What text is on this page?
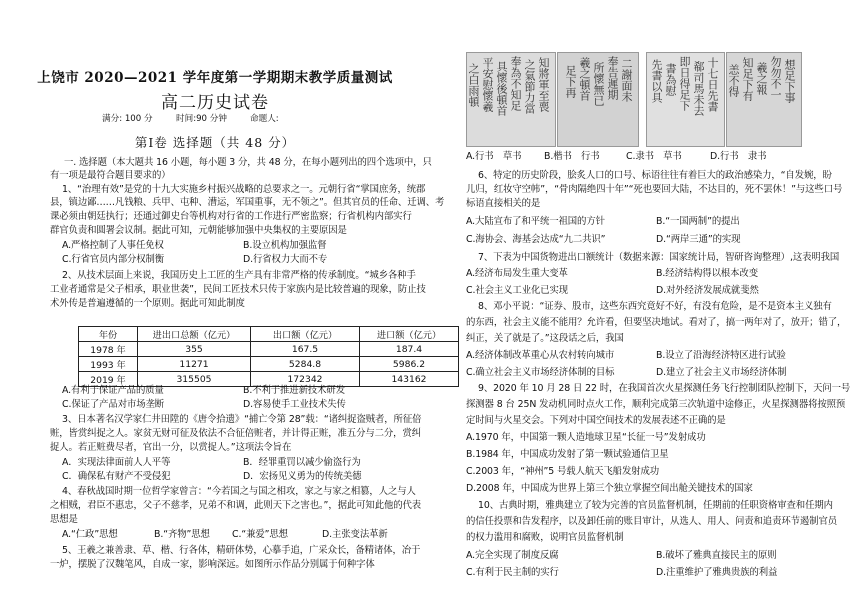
上饶市 2020—2021 学年度第一学期期末教学质量测试
高二历史试卷
满分: 100 分	时间:90 分钟	命题人:
第Ⅰ卷 选择题（共 48 分）
一. 选择题（本大题共 16 小题，每小题 3 分，共 48 分，在每小题列出的四个选项中，只
有一项是最符合题目要求的）
1、“治理有效”是党的十九大实施乡村振兴战略的总要求之一。元朝行省“掌国庶务，统郡
县，镇边鄙……凡钱粮、兵甲、屯种、漕运，军国重事，无不领之”。但其官员的任命、迁调、考
课必须由朝廷执行；还通过御史台等机构对行省的工作进行严密监察；行省机构内部实行
群官负责和圆署会议制。据此可知，元朝能够加强中央集权的主要原因是
A.严格控制了人事任免权	B.设立机构加强监督
C.行省官员内部分权制衡	D.行省权力大而不专
2、从技术层面上来说，我国历史上工匠的生产具有非常严格的传承制度。“城乡各种手
工业者通常是父子相承，职业世袭”，民间工匠技术只传于家族内是比较普遍的现象，防止技
术外传是普遍遵循的一个原则。据此可知此制度
年份	进出口总额（亿元）	出口额（亿元）	进口额（亿元）
1978 年	355	167.5	187.4
1993 年	11271	5284.8	5986.2
2019 年	315505	172342	143162
A.有利于保证产品的质量	B.不利于推进新技术研发
C.保证了产品对市场垄断	D.容易使手工业技术失传
3、日本著名汉学家仁井田陞的《唐令拾遗》“捕亡令第 28”载：“诸纠捉盗贼者，所征倍
赃，皆赏纠捉之人。家贫无财可征及依法不合征倍赃者，并计得正赃，准五分与二分，赏纠
捉人。若正赃费尽者，官出一分，以赏捉人。”这项法令旨在
A．实现法律面前人人平等	B．经罪重罚以减少偷盗行为
C．确保私有财产不受侵犯	D．宏扬见义勇为的传统美德
4、春秋战国时期一位哲学家曾言：“今若国之与国之相攻，家之与家之相篡，人之与人
之相贼，君臣不惠忠，父子不慈孝，兄弟不和调，此则天下之害也。”，据此可知此他的代表
思想是
A.“仁政”思想	B.“齐物”思想 C.“兼爱”思想	D.主张变法革新
5、王羲之兼善隶、草、楷、行各体，精研体势，心摹手追，广采众长，备精诸体，冶于
一炉，摆脱了汉魏笔风，自成一家，影响深远。如图所示作品分别属于何种字体
知將軍至喪
之氣節力當
奉為不知足
具懷後頓首
平安慰懷羲
之白雨頓	二謝面未
奉告遲期
所懷無已
羲之頓首
足下再	十七日先書
郗司馬未去
即日得足下
書為慰
先書以具	想足下事
勿勿不一
羲之報
知足下有
恙不得
A.行书　草书 B.楷书　行书	C.隶书　草书	D.行书　隶书
6、特定的历史阶段，脍炙人口的口号、标语往往有着巨大的政治感染力，“自发婉，盼
儿归，红妆守空帏”，“骨肉隔绝四十年”“死也要回大陆，不达目的，死不罢休！”与这些口号
标语直接相关的是
A.大陆宣布了和平统一祖国的方针	B.“一国两制”的提出
C.海协会、海基会达成“九二共识”	D.“两岸三通”的实现
7、下表为中国货物进出口额统计（数据来源：国家统计局，智研咨询整理）,这表明我国
A.经济布局发生重大变革	B.经济结构得以根本改变
C.社会主义工业化已实现	D.对外经济发展成就斐然
8、邓小平说：“证券、股市，这些东西究竟好不好，有没有危险，是不是资本主义独有
的东西，社会主义能不能用？允许看，但要坚决地试。看对了，搞一两年对了，放开；错了，
纠正，关了就是了。”这段话之后，我国
A.经济体制改革重心从农村转向城市	B.设立了沿海经济特区进行试验
C.确立社会主义市场经济体制的目标	D.建立了社会主义市场经济体制
9、2020 年 10 月 28 日 22 时，在我国首次火星探测任务飞行控制团队控制下，天问一号
探测器 8 台 25N 发动机同时点火工作，顺利完成第三次轨道中途修正，火星探测器将按照预
定时间与火星交会。下列对中国空间技术的发展表述不正确的是
A.1970 年，中国第一颗人造地球卫星“长征一号”发射成功
B.1984 年，中国成功发射了第一颗试验通信卫星
C.2003 年，“神州”5 号载人航天飞船发射成功
D.2008 年，中国成为世界上第三个独立掌握空间出舱关键技术的国家
10、古典时期，雅典建立了较为完善的官员监督机制，任期前的任职资格审查和任期内
的信任投票和告发程序，以及卸任前的账目审计，从选人、用人、问责和追责环节遏制官员
的权力滥用和腐败，说明官员监督机制
A.完全实现了制度反腐	B.破坏了雅典直接民主的原则
C.有利于民主制的实行	D.注重维护了雅典贵族的利益
